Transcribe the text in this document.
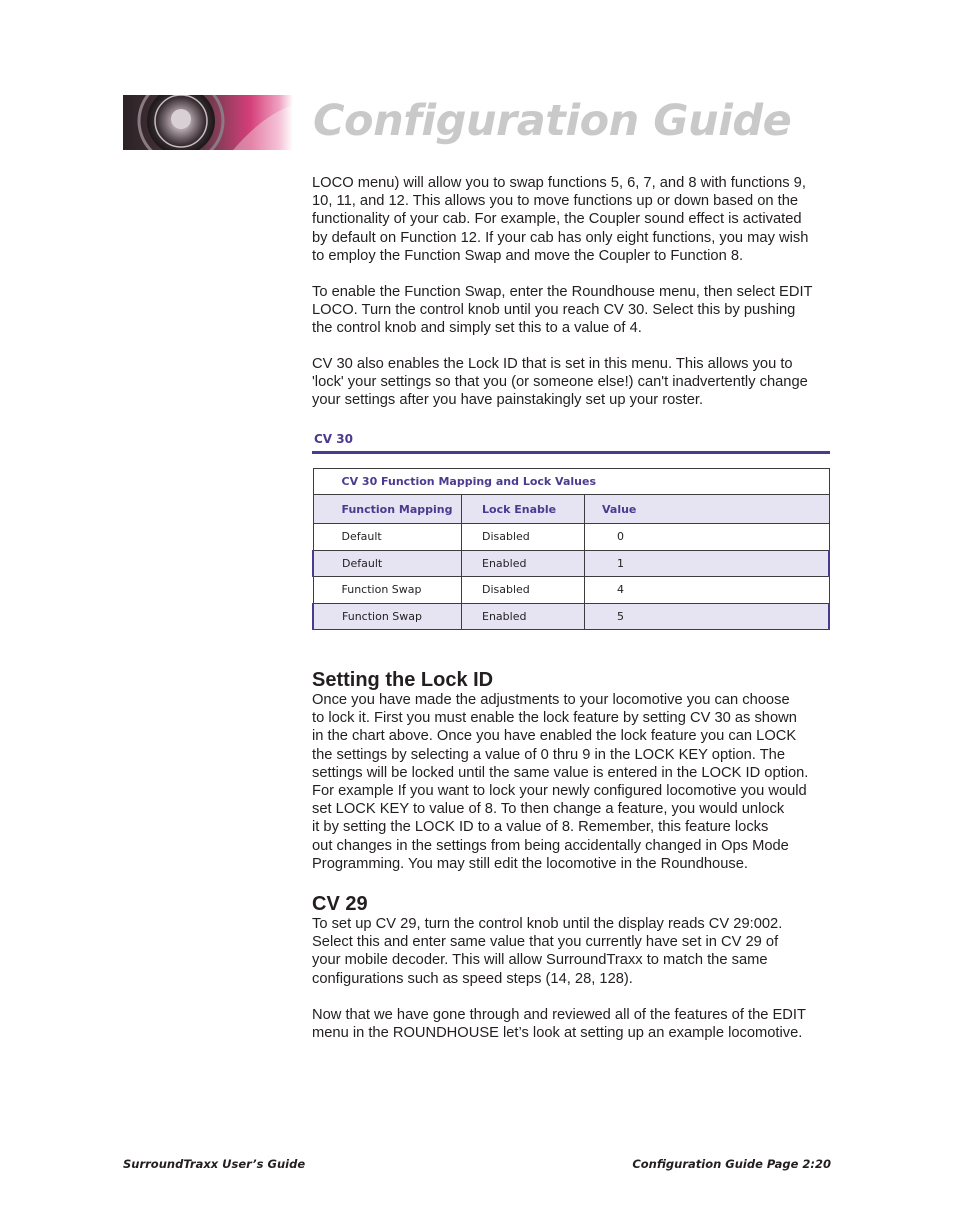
Configuration Guide

LOCO menu) will allow you to swap functions 5, 6, 7, and 8 with functions 9,
10, 11, and 12. This allows you to move functions up or down based on the
functionality of your cab. For example, the Coupler sound effect is activated
by default on Function 12. If your cab has only eight functions, you may wish
to employ the Function Swap and move the Coupler to Function 8.

To enable the Function Swap, enter the Roundhouse menu, then select EDIT
LOCO. Turn the control knob until you reach CV 30. Select this by pushing
the control knob and simply set this to a value of 4.

CV 30 also enables the Lock ID that is set in this menu. This allows you to
'lock' your settings so that you (or someone else!) can't inadvertently change
your settings after you have painstakingly set up your roster.

CV 30
CV 30 Function Mapping and Lock Values		
Function Mapping	Lock Enable	Value
Default	Disabled	0
Default	Enabled	1
Function Swap	Disabled	4
Function Swap	Enabled	5
Setting the Lock ID

Once you have made the adjustments to your locomotive you can choose
to lock it. First you must enable the lock feature by setting CV 30 as shown
in the chart above. Once you have enabled the lock feature you can LOCK
the settings by selecting a value of 0 thru 9 in the LOCK KEY option. The
settings will be locked until the same value is entered in the LOCK ID option.
For example If you want to lock your newly configured locomotive you would
set LOCK KEY to value of 8. To then change a feature, you would unlock
it by setting the LOCK ID to a value of 8. Remember, this feature locks
out changes in the settings from being accidentally changed in Ops Mode
Programming. You may still edit the locomotive in the Roundhouse.

CV 29

To set up CV 29, turn the control knob until the display reads CV 29:002.
Select this and enter same value that you currently have set in CV 29 of
your mobile decoder. This will allow SurroundTraxx to match the same
configurations such as speed steps (14, 28, 128).

Now that we have gone through and reviewed all of the features of the EDIT
menu in the ROUNDHOUSE let’s look at setting up an example locomotive.

SurroundTraxx User’s Guide	Configuration Guide Page 2:20
